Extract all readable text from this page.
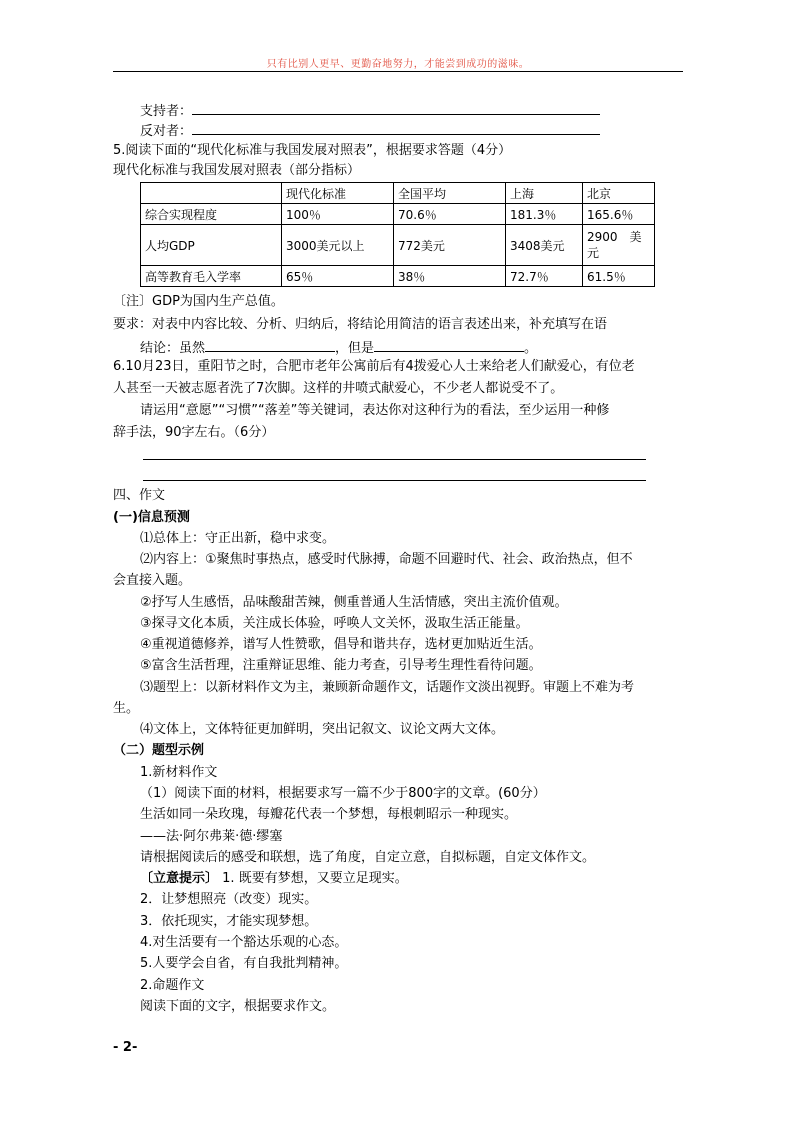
只有比别人更早、更勤奋地努力，才能尝到成功的滋味。
支持者：
反对者：
5.阅读下面的“现代化标准与我国发展对照表”，根据要求答题（4分）
现代化标准与我国发展对照表（部分指标）
	现代化标准	全国平均	上海	北京
综合实现程度	100％	70.6％	181.3％	165.6％
人均GDP	3000美元以上	772美元	3408美元	2900　美元
高等教育毛入学率	65％	38％	72.7％	61.5％
〔注〕GDP为国内生产总值。
要求：对表中内容比较、分析、归纳后，将结论用简洁的语言表述出来，补充填写在语
结论：虽然	，但是	。
6.10月23日，重阳节之时，合肥市老年公寓前后有4拨爱心人士来给老人们献爱心，有位老
人甚至一天被志愿者洗了7次脚。这样的井喷式献爱心，不少老人都说受不了。
请运用“意愿”“习惯”“落差”等关键词，表达你对这种行为的看法，至少运用一种修
辞手法，90字左右。（6分）
四、作文
(一)信息预测
⑴总体上：守正出新，稳中求变。
⑵内容上：①聚焦时事热点，感受时代脉搏，命题不回避时代、社会、政治热点，但不
会直接入题。
②抒写人生感悟，品味酸甜苦辣，侧重普通人生活情感，突出主流价值观。
③探寻文化本质，关注成长体验，呼唤人文关怀，汲取生活正能量。
④重视道德修养，谱写人性赞歌，倡导和谐共存，选材更加贴近生活。
⑤富含生活哲理，注重辩证思维、能力考查，引导考生理性看待问题。
⑶题型上：以新材料作文为主，兼顾新命题作文，话题作文淡出视野。审题上不难为考
生。
⑷文体上，文体特征更加鲜明，突出记叙文、议论文两大文体。
（二）题型示例
1.新材料作文
（1）阅读下面的材料，根据要求写一篇不少于800字的文章。(60分）
生活如同一朵玫瑰，每瓣花代表一个梦想，每根刺昭示一种现实。
——法·阿尔弗莱·德·缪塞
请根据阅读后的感受和联想，选了角度，自定立意，自拟标题，自定文体作文。
〔立意提示〕 1. 既要有梦想，又要立足现实。
2．让梦想照亮（改变）现实。
3．依托现实，才能实现梦想。
4.对生活要有一个豁达乐观的心态。
5.人要学会自省，有自我批判精神。
2.命题作文
阅读下面的文字，根据要求作文。
- 2-
